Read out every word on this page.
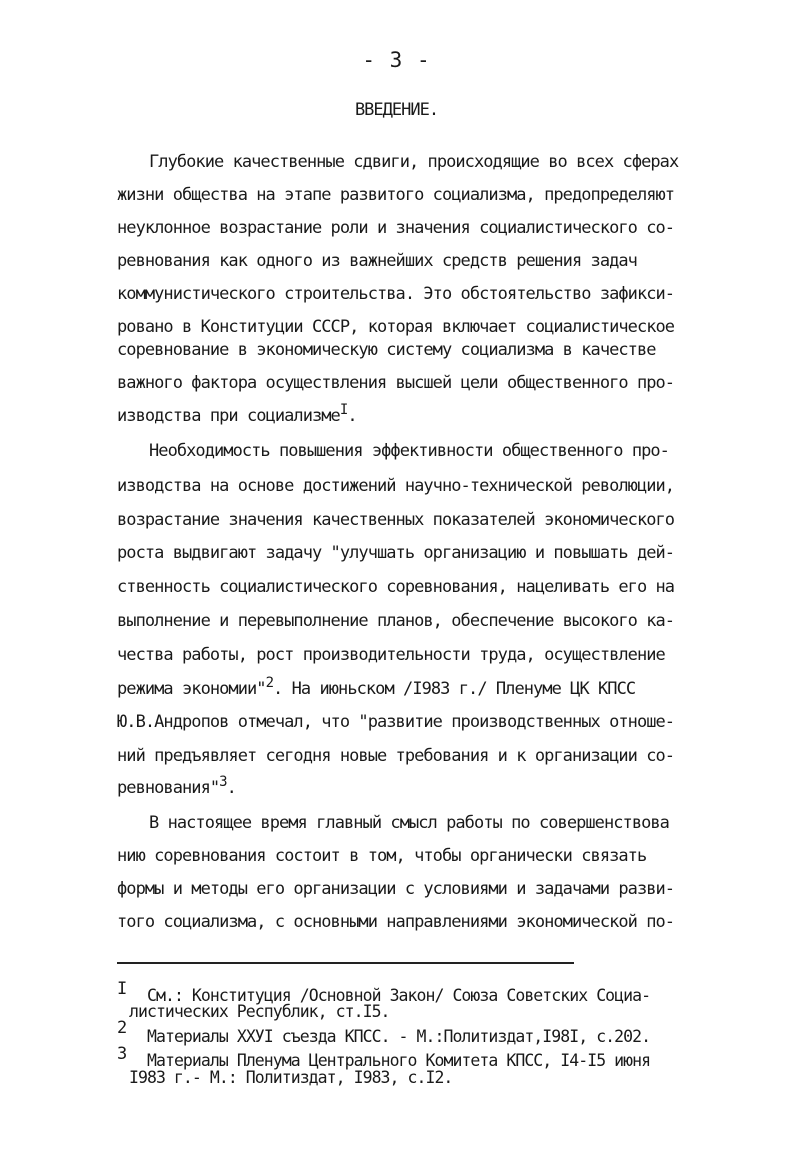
- 3 -
ВВЕДЕНИЕ.
Глубокие качественные сдвиги, происходящие во всех сферах
жизни общества на этапе развитого социализма, предопределяют
неуклонное возрастание роли и значения социалистического со-
ревнования как одного из важнейших средств решения задач
коммунистического строительства. Это обстоятельство зафикси-
ровано в Конституции СССР, которая включает социалистическое
соревнование в экономическую систему социализма в качестве
важного фактора осуществления высшей цели общественного про-
изводства при социализме$^I$.
Необходимость повышения эффективности общественного про-
изводства на основе достижений научно-технической революции,
возрастание значения качественных показателей экономического
роста выдвигают задачу "улучшать организацию и повышать дей-
ственность социалистического соревнования, нацеливать его на
выполнение и перевыполнение планов, обеспечение высокого ка-
чества работы, рост производительности труда, осуществление
режима экономии"$^2$. На июньском /I983 г./ Пленуме ЦК КПСС
Ю.В.Андропов отмечал, что "развитие производственных отноше-
ний предъявляет сегодня новые требования и к организации со-
ревнования"$^3$.
В настоящее время главный смысл работы по совершенствова
нию соревнования состоит в том, чтобы органически связать
формы и методы его организации с условиями и задачами разви-
того социализма, с основными направлениями экономической по-
I См.: Конституция /Основной Закон/ Союза Советских Социа-
листических Республик, ст.I5.
2 Материалы ХХУI съезда КПСС. - М.:Политиздат,I98I, с.202.
3 Материалы Пленума Центрального Комитета КПСС, I4-I5 июня
I983 г.- М.: Политиздат, I983, с.I2.
